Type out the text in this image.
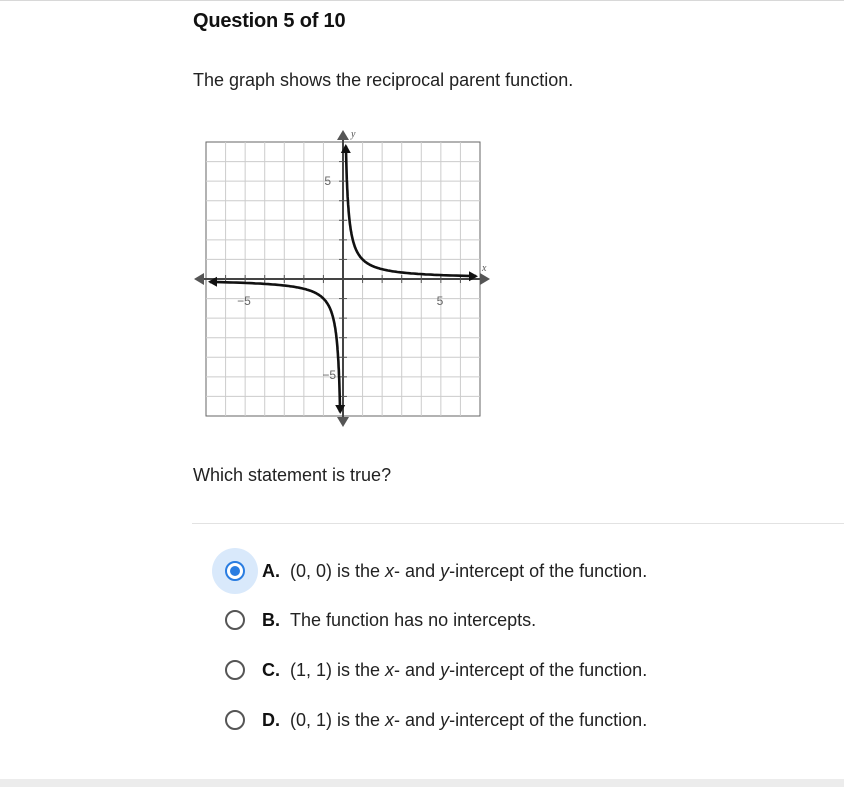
Question 5 of 10
The graph shows the reciprocal parent function.
y
x
−5	5
5
−5
Which statement is true?
A. (0, 0) is the x- and y-intercept of the function.
B. The function has no intercepts.
C. (1, 1) is the x- and y-intercept of the function.
D. (0, 1) is the x- and y-intercept of the function.
